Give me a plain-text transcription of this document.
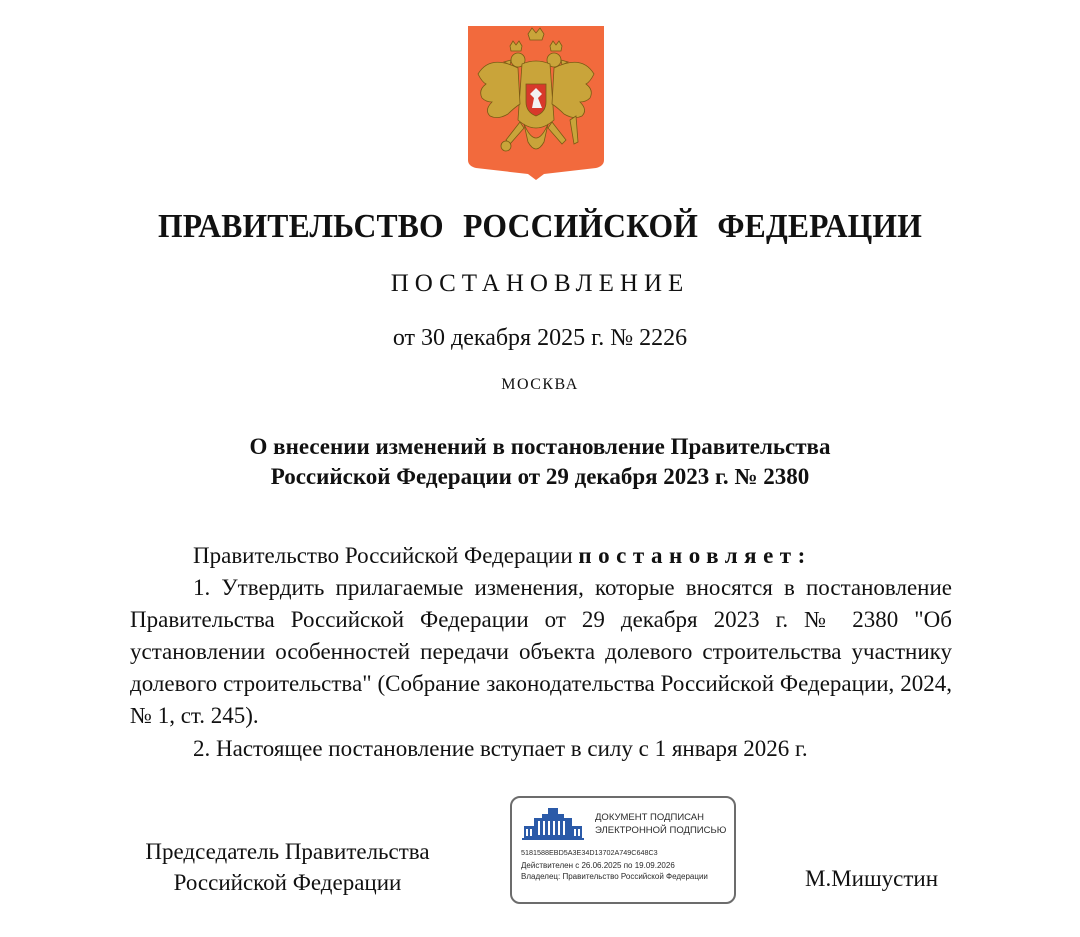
ПРАВИТЕЛЬСТВО РОССИЙСКОЙ ФЕДЕРАЦИИ
ПОСТАНОВЛЕНИЕ
от 30 декабря 2025 г. № 2226
МОСКВА
О внесении изменений в постановление Правительства
Российской Федерации от 29 декабря 2023 г. № 2380
Правительство Российской Федерации постановляет:
1. Утвердить прилагаемые изменения, которые вносятся в постановление Правительства Российской Федерации от 29 декабря 2023 г. № 2380 "Об установлении особенностей передачи объекта долевого строительства участнику долевого строительства" (Собрание законодательства Российской Федерации, 2024, № 1, ст. 245).
2. Настоящее постановление вступает в силу с 1 января 2026 г.
Председатель Правительства
Российской Федерации
ДОКУМЕНТ ПОДПИСАН
ЭЛЕКТРОННОЙ ПОДПИСЬЮ
5181588EBD5A3E34D13702A749C648C3
Действителен с 26.06.2025 по 19.09.2026
Владелец: Правительство Российской Федерации	М.Мишустин
